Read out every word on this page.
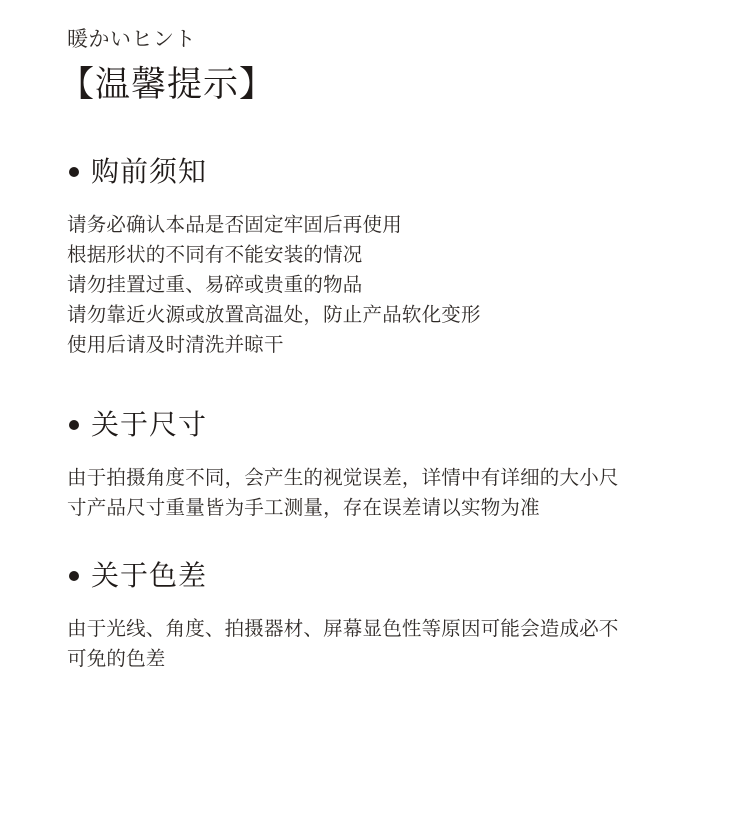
暖かいヒント
【温馨提示】
购前须知
请务必确认本品是否固定牢固后再使用
根据形状的不同有不能安装的情况
请勿挂置过重、易碎或贵重的物品
请勿靠近火源或放置高温处，防止产品软化变形
使用后请及时清洗并晾干
关于尺寸
由于拍摄角度不同，会产生的视觉误差，详情中有详细的大小尺
寸产品尺寸重量皆为手工测量，存在误差请以实物为准
关于色差
由于光线、角度、拍摄器材、屏幕显色性等原因可能会造成必不
可免的色差
